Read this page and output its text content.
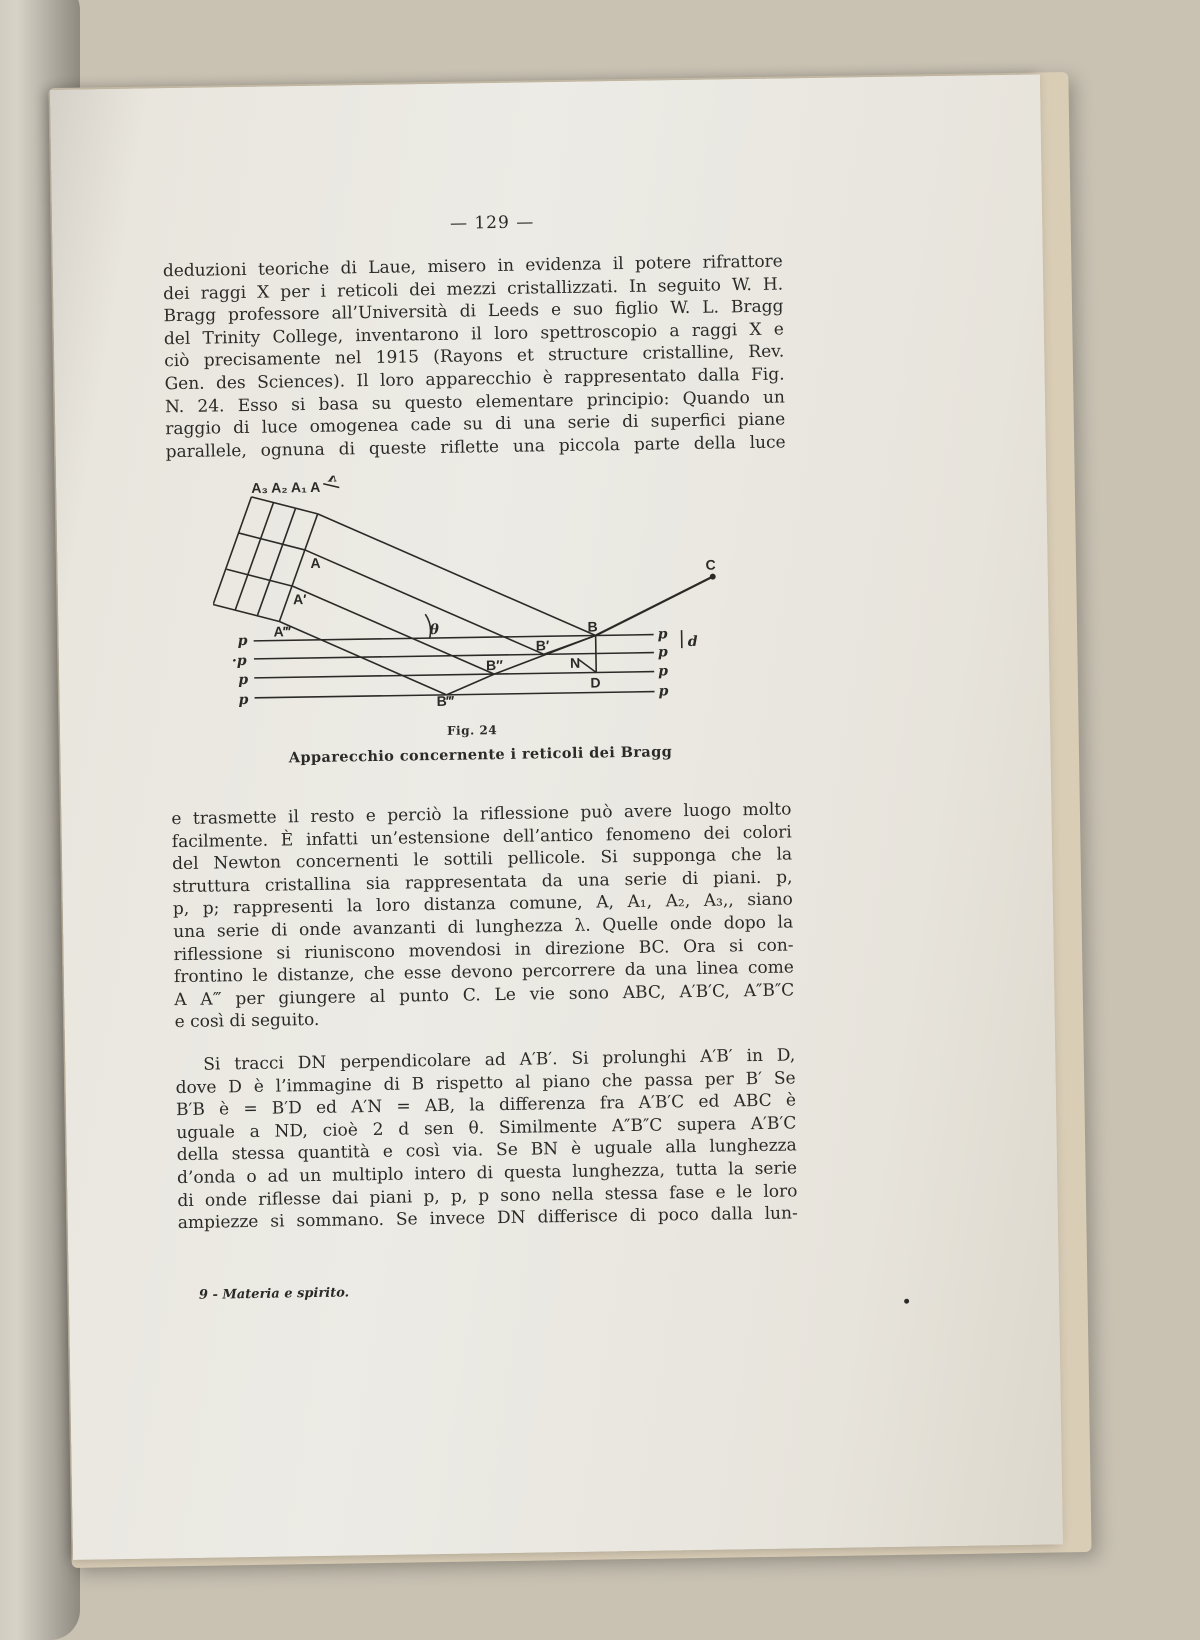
— 129 —
deduzioni teoriche di Laue, misero in evidenza il potere rifrattore
dei raggi X per i reticoli dei mezzi cristallizzati. In seguito W. H.
Bragg professore all’Università di Leeds e suo figlio W. L. Bragg
del Trinity College, inventarono il loro spettroscopio a raggi X e
ciò precisamente nel 1915 (Rayons et structure cristalline, Rev.
Gen. des Sciences). Il loro apparecchio è rappresentato dalla Fig.
N. 24. Esso si basa su questo elementare principio: Quando un
raggio di luce omogenea cade su di una serie di superfici piane
parallele, ognuna di queste riflette una piccola parte della luce
A₃ A₂ A₁ A
λ
A
A′
A‴	θ	B
B′
B″
B‴
N
D
C
d
p
·p
p
p
p
p
p
p
Fig. 24
Apparecchio concernente i reticoli dei Bragg
e trasmette il resto e perciò la riflessione può avere luogo molto
facilmente. È infatti un’estensione dell’antico fenomeno dei colori
del Newton concernenti le sottili pellicole. Si supponga che la
struttura cristallina sia rappresentata da una serie di piani. p,
p, p; rappresenti la loro distanza comune, A, A₁, A₂, A₃,, siano
una serie di onde avanzanti di lunghezza λ. Quelle onde dopo la
riflessione si riuniscono movendosi in direzione BC. Ora si con-
frontino le distanze, che esse devono percorrere da una linea come
A A‴ per giungere al punto C. Le vie sono ABC, A′B′C, A″B″C
e così di seguito.
Si tracci DN perpendicolare ad A′B′. Si prolunghi A′B′ in D,
dove D è l’immagine di B rispetto al piano che passa per B′ Se
B′B è = B′D ed A′N = AB, la differenza fra A′B′C ed ABC è
uguale a ND, cioè 2 d sen θ. Similmente A″B″C supera A′B′C
della stessa quantità e così via. Se BN è uguale alla lunghezza
d’onda o ad un multiplo intero di questa lunghezza, tutta la serie
di onde riflesse dai piani p, p, p sono nella stessa fase e le loro
ampiezze si sommano. Se invece DN differisce di poco dalla lun-
9 - Materia e spirito.
